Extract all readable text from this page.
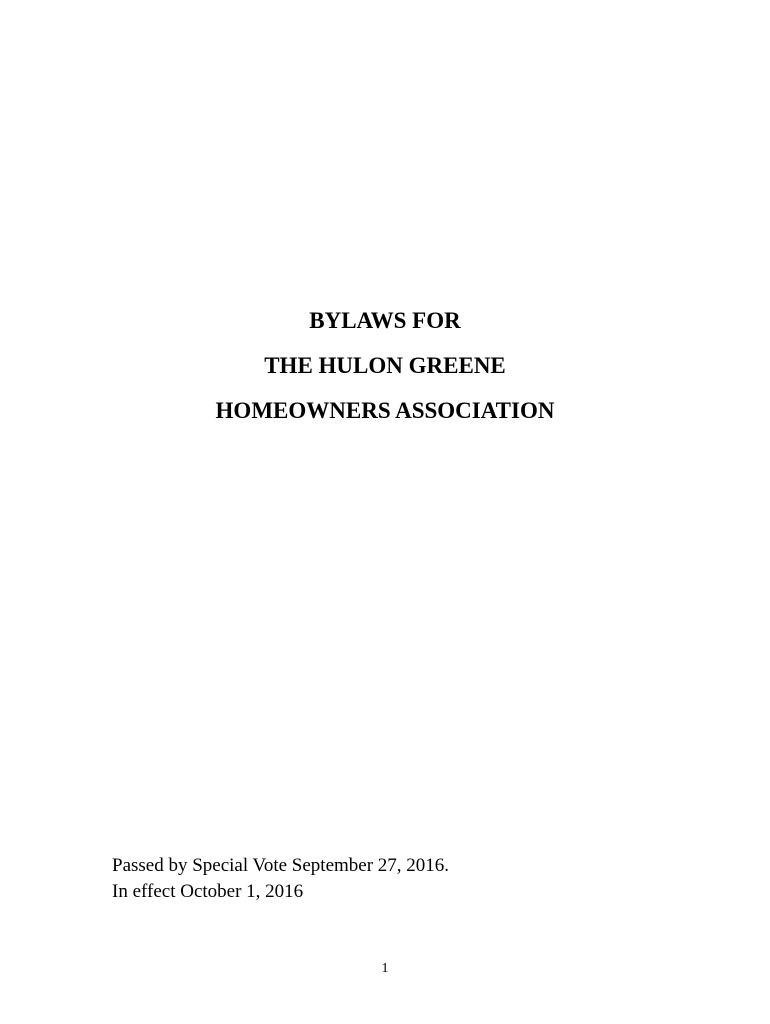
BYLAWS FOR
THE HULON GREENE
HOMEOWNERS ASSOCIATION
Passed by Special Vote September 27, 2016.
In effect October 1, 2016
1
